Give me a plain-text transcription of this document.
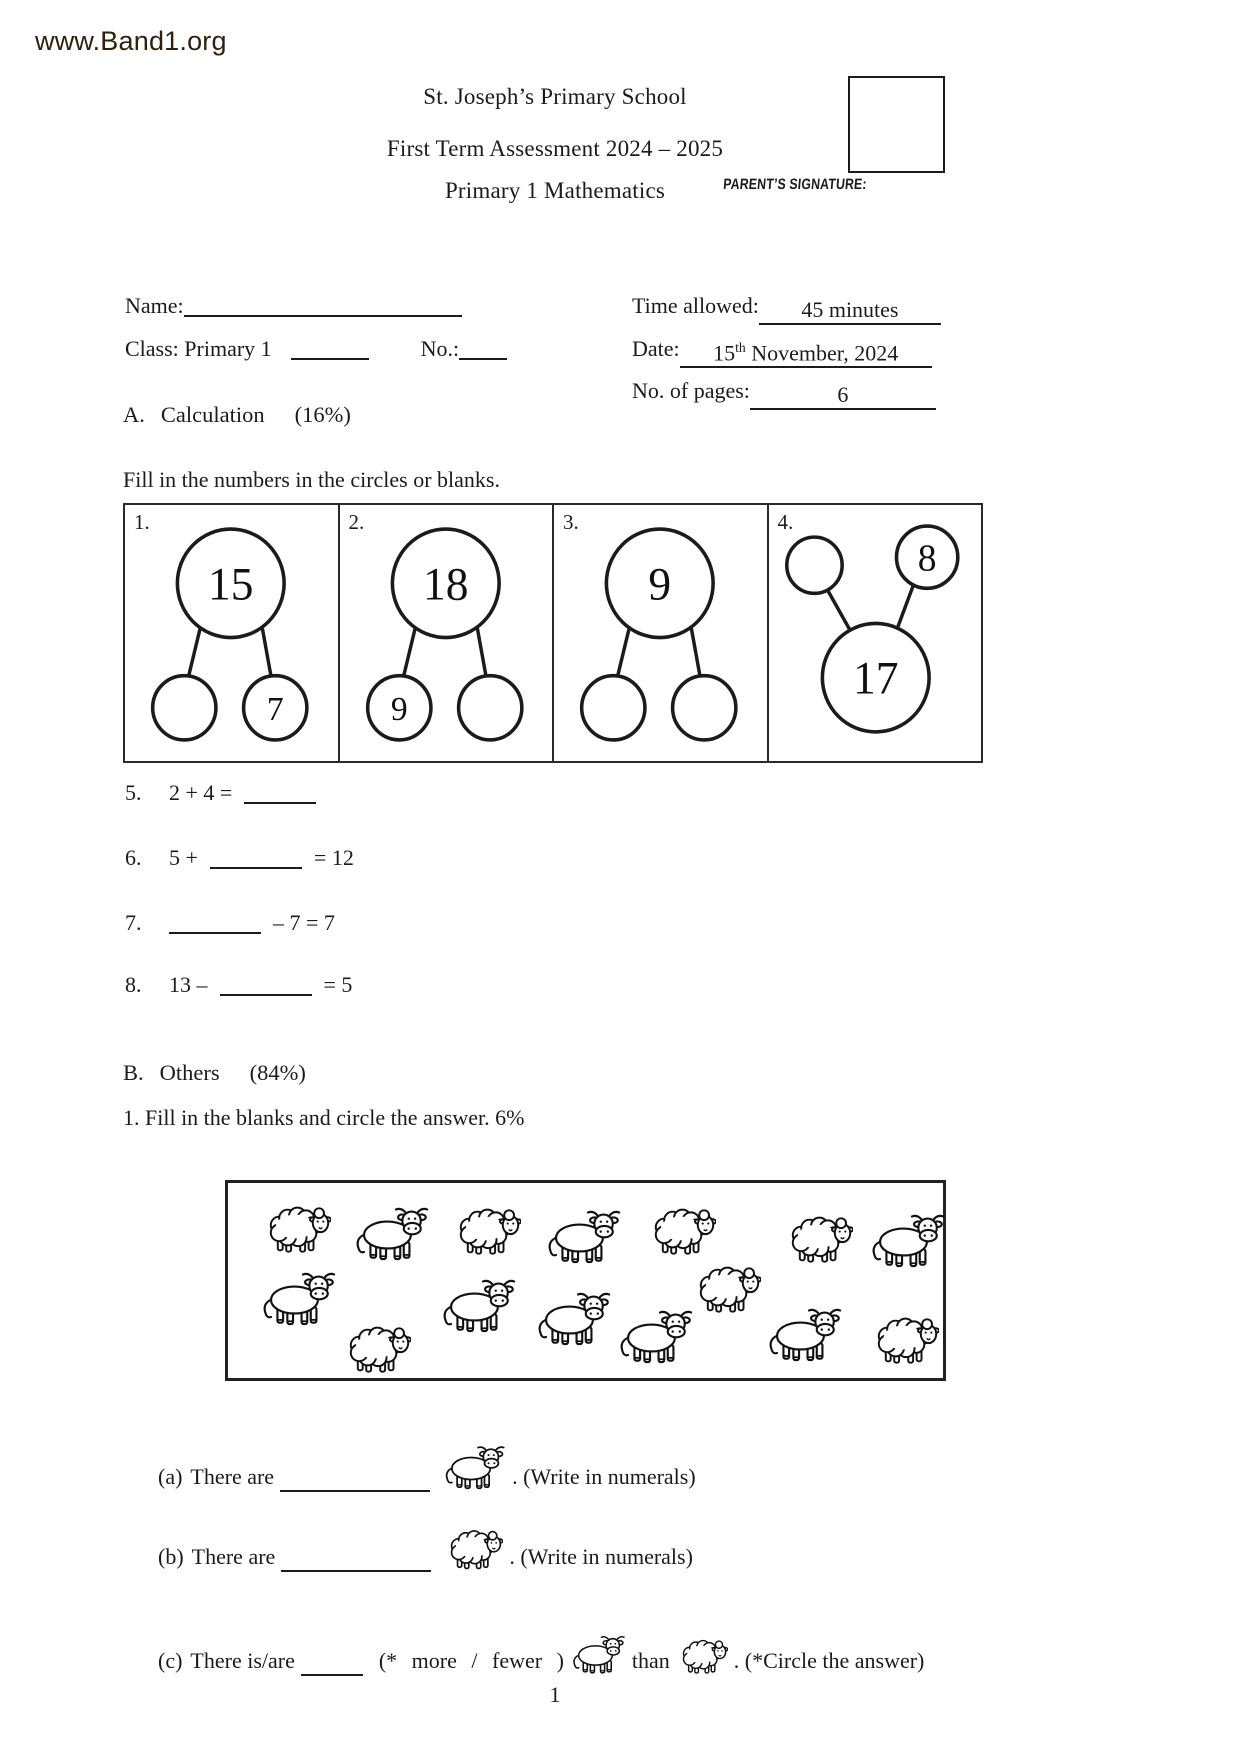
www.Band1.org
St. Joseph’s Primary School
First Term Assessment 2024 – 2025
Primary 1 Mathematics	PARENT’S SIGNATURE:
Name:
Class: Primary 1	No.:
Time allowed: 45 minutes
Date: 15th November, 2024
No. of pages:	6
A. Calculation (16%)
Fill in the numbers in the circles or blanks.
15
7
1.
18
9
2.
9
3.
8
17
4.
5. 2 + 4 =
6. 5 +	= 12
7.	– 7 = 7
8. 13 –	= 5
B. Others (84%)
1. Fill in the blanks and circle the answer. 6%
(a) There are	. (Write in numerals)
(b) There are	. (Write in numerals)
(c) There is/are	(* more / fewer )	than	. (*Circle the answer)
1
